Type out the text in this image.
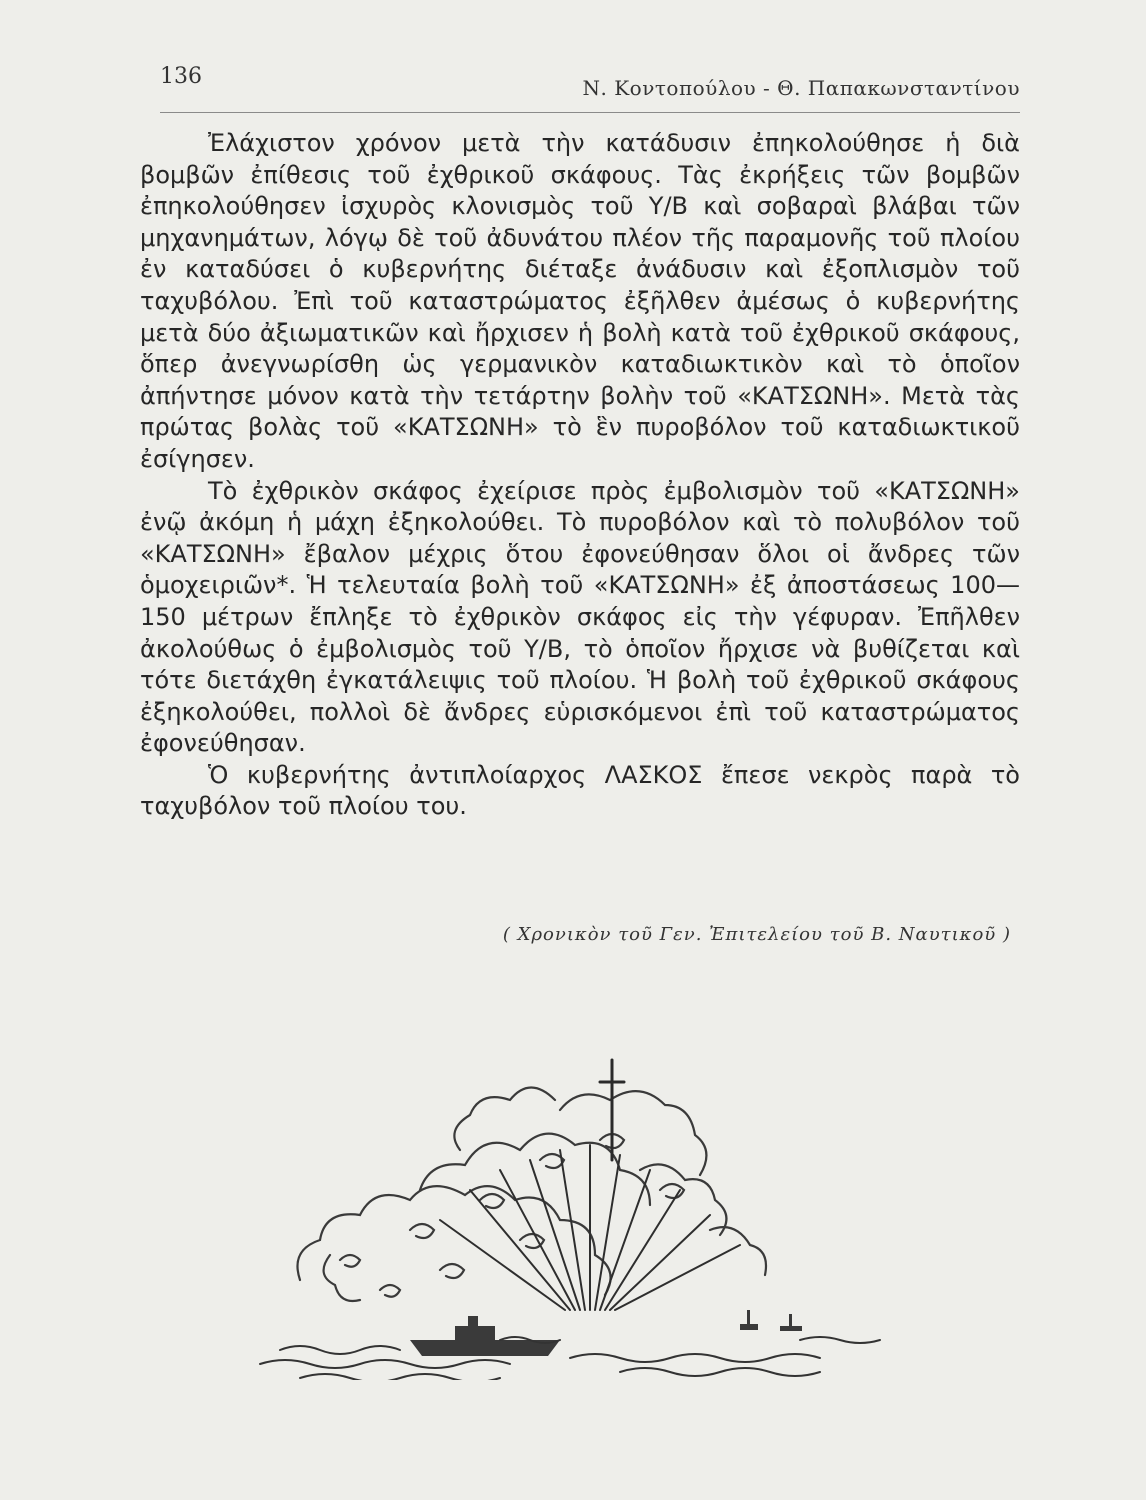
136	Ν. Κοντοπούλου - Θ. Παπακωνσταντίνου

Ἐλάχιστον χρόνον μετὰ τὴν κατάδυσιν ἐπηκολούθησε ἡ διὰ βομβῶν ἐπίθεσις τοῦ ἐχθρικοῦ σκάφους. Τὰς ἐκρήξεις τῶν βομβῶν ἐπηκολούθησεν ἰσχυρὸς κλονισμὸς τοῦ Υ/Β καὶ σοβαραὶ βλάβαι τῶν μηχανημάτων, λόγῳ δὲ τοῦ ἀδυνάτου πλέον τῆς παραμονῆς τοῦ πλοίου ἐν καταδύσει ὁ κυβερνήτης διέταξε ἀνάδυσιν καὶ ἐξοπλισμὸν τοῦ ταχυβόλου. Ἐπὶ τοῦ καταστρώματος ἐξῆλθεν ἀμέσως ὁ κυβερνήτης μετὰ δύο ἀξιωματικῶν καὶ ἤρχισεν ἡ βολὴ κατὰ τοῦ ἐχθρικοῦ σκάφους, ὅπερ ἀνεγνωρίσθη ὡς γερμανικὸν καταδιωκτικὸν καὶ τὸ ὁποῖον ἀπήντησε μόνον κατὰ τὴν τετάρτην βολὴν τοῦ «ΚΑΤΣΩΝΗ». Μετὰ τὰς πρώτας βολὰς τοῦ «ΚΑΤΣΩΝΗ» τὸ ἓν πυροβόλον τοῦ καταδιωκτικοῦ ἐσίγησεν.

Τὸ ἐχθρικὸν σκάφος ἐχείρισε πρὸς ἐμβολισμὸν τοῦ «ΚΑΤΣΩΝΗ» ἐνῷ ἀκόμη ἡ μάχη ἐξηκολούθει. Τὸ πυροβόλον καὶ τὸ πολυβόλον τοῦ «ΚΑΤΣΩΝΗ» ἔβαλον μέχρις ὅτου ἐφονεύθησαν ὅλοι οἱ ἄνδρες τῶν ὁμοχειριῶν*. Ἡ τελευταία βολὴ τοῦ «ΚΑΤΣΩΝΗ» ἐξ ἀποστάσεως 100—150 μέτρων ἔπληξε τὸ ἐχθρικὸν σκάφος εἰς τὴν γέφυραν. Ἐπῆλθεν ἀκολούθως ὁ ἐμβολισμὸς τοῦ Υ/Β, τὸ ὁποῖον ἤρχισε νὰ βυθίζεται καὶ τότε διετάχθη ἐγκατάλειψις τοῦ πλοίου. Ἡ βολὴ τοῦ ἐχθρικοῦ σκάφους ἐξηκολούθει, πολλοὶ δὲ ἄνδρες εὑρισκόμενοι ἐπὶ τοῦ καταστρώματος ἐφονεύθησαν.

Ὁ κυβερνήτης ἀντιπλοίαρχος ΛΑΣΚΟΣ ἔπεσε νεκρὸς παρὰ τὸ ταχυβόλον τοῦ πλοίου του.

( Χρονικὸν τοῦ Γεν. Ἐπιτελείου τοῦ Β. Ναυτικοῦ )
